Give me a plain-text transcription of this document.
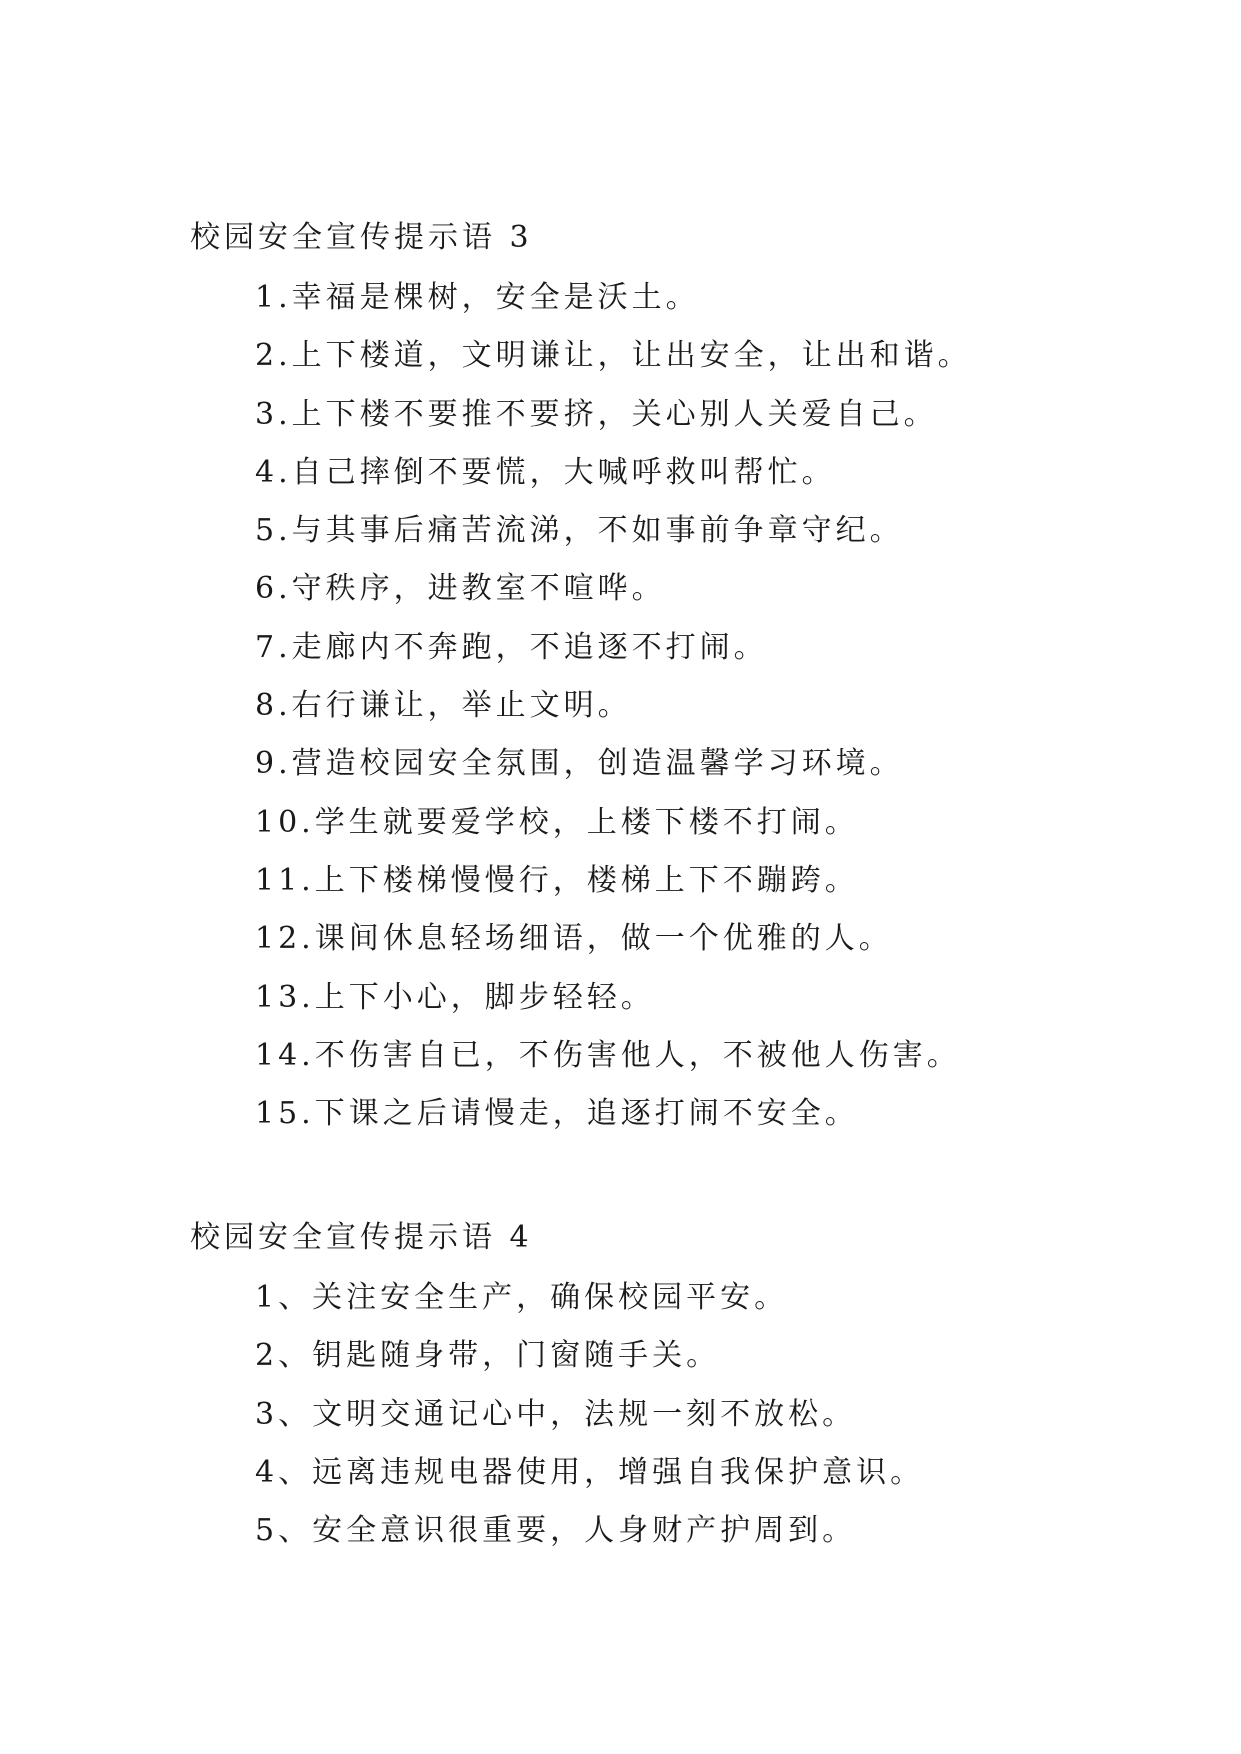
校园安全宣传提示语 3
1.幸福是棵树，安全是沃土。
2.上下楼道，文明谦让，让出安全，让出和谐。
3.上下楼不要推不要挤，关心别人关爱自己。
4.自己摔倒不要慌，大喊呼救叫帮忙。
5.与其事后痛苦流涕，不如事前争章守纪。
6.守秩序，进教室不喧哗。
7.走廊内不奔跑，不追逐不打闹。
8.右行谦让，举止文明。
9.营造校园安全氛围，创造温馨学习环境。
10.学生就要爱学校，上楼下楼不打闹。
11.上下楼梯慢慢行，楼梯上下不蹦跨。
12.课间休息轻场细语，做一个优雅的人。
13.上下小心，脚步轻轻。
14.不伤害自已，不伤害他人，不被他人伤害。
15.下课之后请慢走，追逐打闹不安全。
校园安全宣传提示语 4
1、关注安全生产，确保校园平安。
2、钥匙随身带，门窗随手关。
3、文明交通记心中，法规一刻不放松。
4、远离违规电器使用，增强自我保护意识。
5、安全意识很重要，人身财产护周到。
